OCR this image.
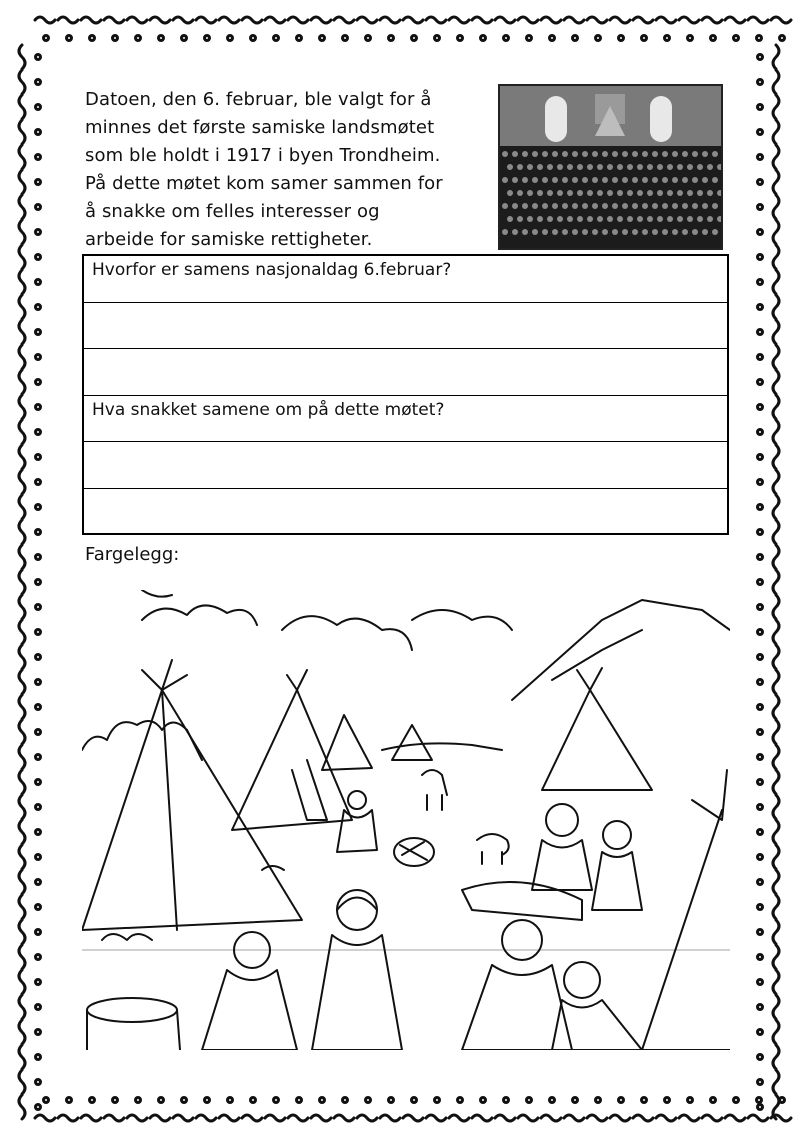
Datoen, den 6. februar, ble valgt for å
minnes det første samiske landsmøtet
som ble holdt i 1917 i byen Trondheim.
På dette møtet kom samer sammen for
å snakke om felles interesser og
arbeide for samiske rettigheter.
Hvorfor er samens nasjonaldag 6.februar?
Hva snakket samene om på dette møtet?
Fargelegg:
